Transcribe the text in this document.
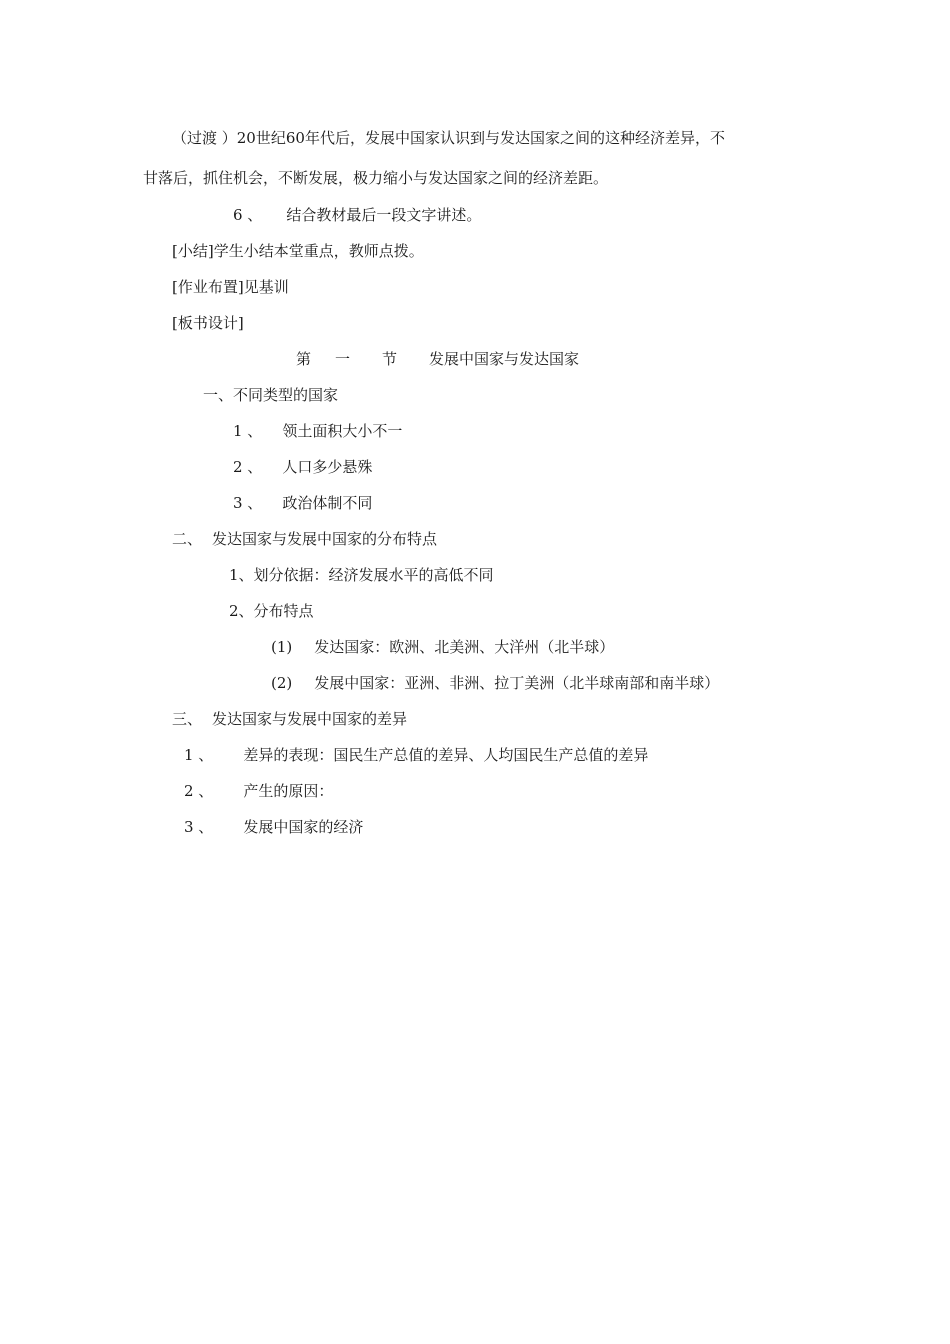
（过渡 ）20世纪60年代后，发展中国家认识到与发达国家之间的这种经济差异，不
甘落后，抓住机会，不断发展，极力缩小与发达国家之间的经济差距。
6 、 结合教材最后一段文字讲述。
[小结]学生小结本堂重点，教师点拨。
[作业布置]见基训
[板书设计]
第 一 节 发展中国家与发达国家
一、不同类型的国家
1 、 领土面积大小不一
2 、 人口多少悬殊
3 、 政治体制不同
二、 发达国家与发展中国家的分布特点
1、划分依据：经济发展水平的高低不同
2、分布特点
(1) 发达国家：欧洲、北美洲、大洋州（北半球）
(2) 发展中国家：亚洲、非洲、拉丁美洲（北半球南部和南半球）
三、 发达国家与发展中国家的差异
1 、 差异的表现：国民生产总值的差异、人均国民生产总值的差异
2 、 产生的原因：
3 、 发展中国家的经济
